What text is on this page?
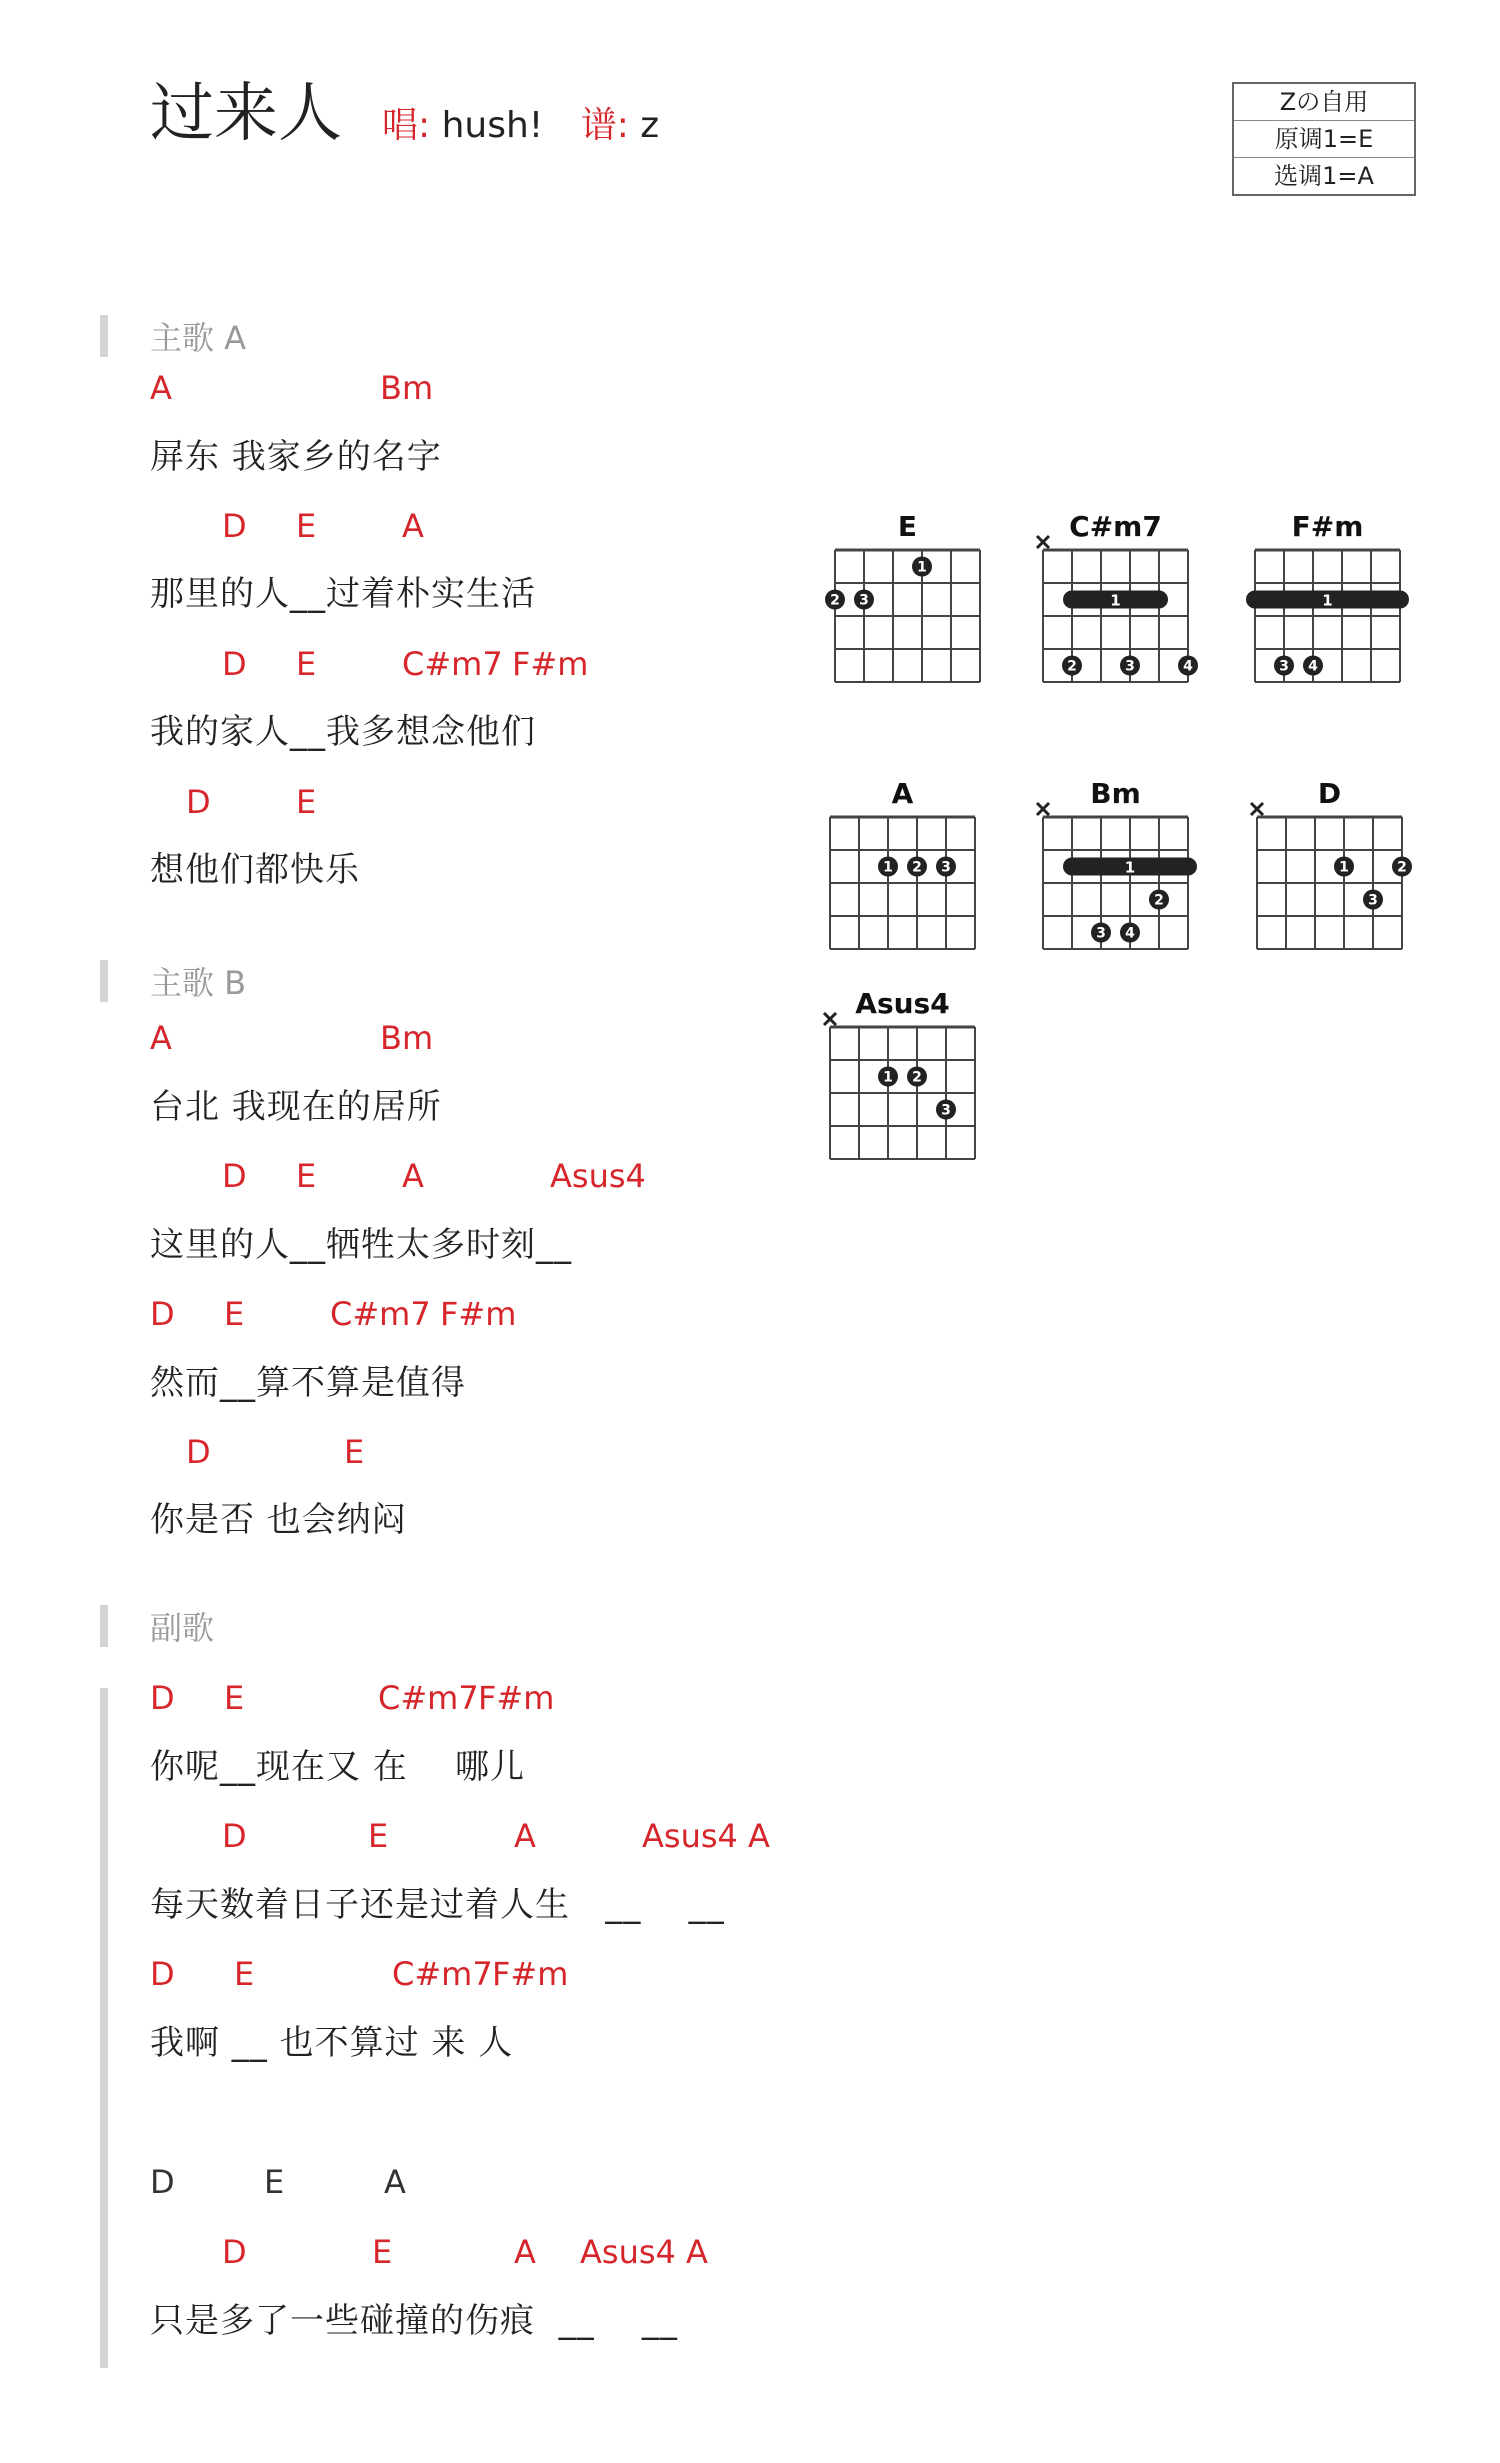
过来人 唱: hush! 谱: z
Zの自用
原调1=E
选调1=A
主歌 A
A	Bm
屏东 我家乡的名字
D E	A
那里的人__过着朴实生活
D E	C#m7 F#m
我的家人__我多想念他们
D	E
想他们都快乐
主歌 B
A	Bm
台北 我现在的居所
D E	A	Asus4
这里的人__牺牲太多时刻__
D E	C#m7 F#m
然而__算不算是值得
D	E
你是否 也会纳闷
副歌
D E	C#m7 F#m
你呢__现在又 在    哪儿
D	E	A	Asus4 A
每天数着日子还是过着人生   __    __
D E	C#m7 F#m
我啊 __ 也不算过 来 人
D	E	A
D	E	A Asus4 A
只是多了一些碰撞的伤痕  __    __
E
1
2 3
C#m7
1
2	3	4
F#m
1
3 4
A
1 2 3
Bm
1
2
3 4
D
1	2
3
Asus4
1 2
3
